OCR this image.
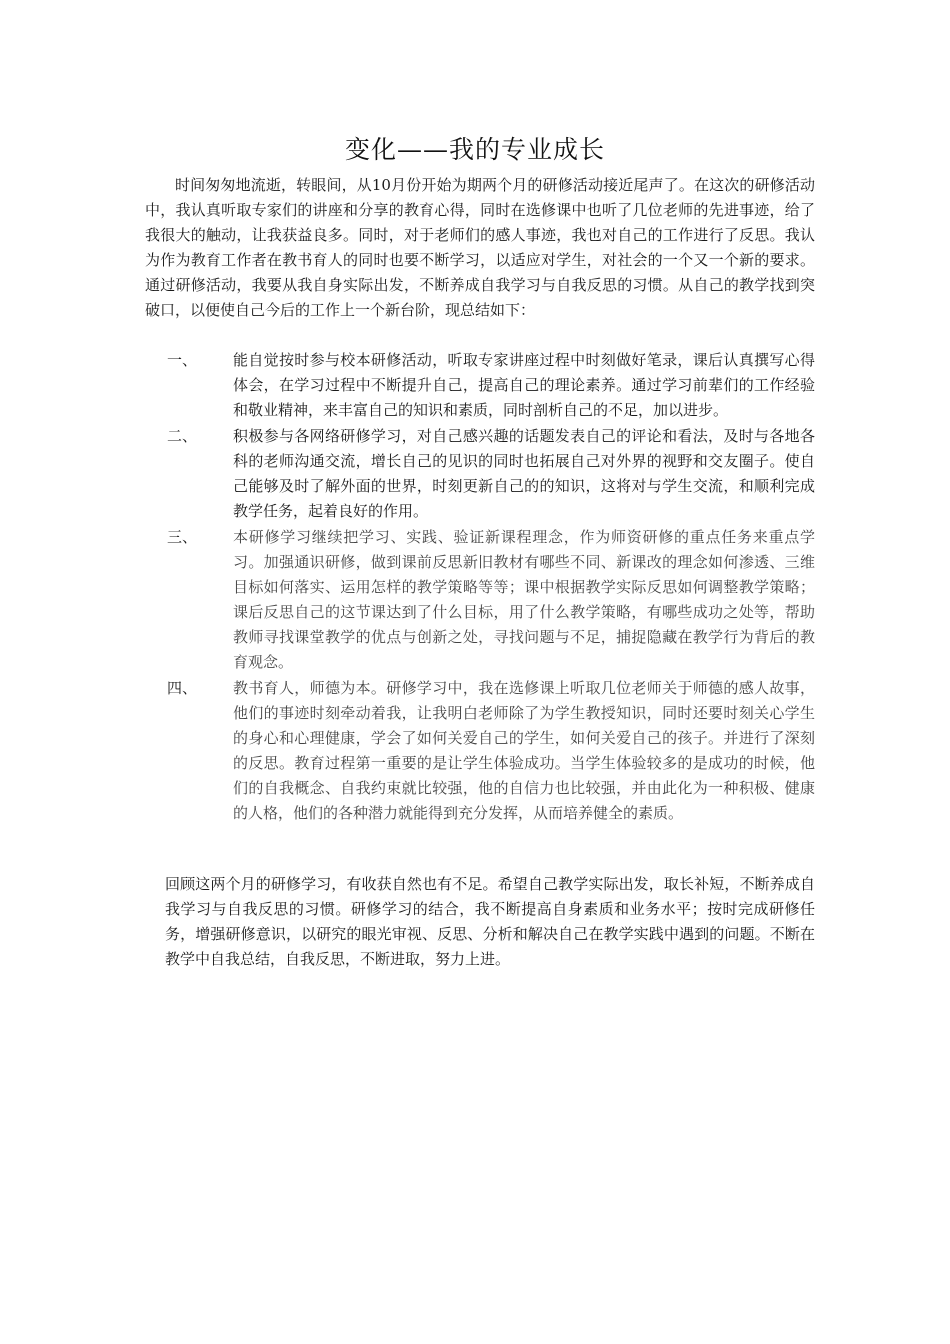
变化——我的专业成长

时间匆匆地流逝，转眼间，从10月份开始为期两个月的研修活动接近尾声了。在这次的研修活动中，我认真听取专家们的讲座和分享的教育心得，同时在选修课中也听了几位老师的先进事迹，给了我很大的触动，让我获益良多。同时，对于老师们的感人事迹，我也对自己的工作进行了反思。我认为作为教育工作者在教书育人的同时也要不断学习，以适应对学生，对社会的一个又一个新的要求。通过研修活动，我要从我自身实际出发，不断养成自我学习与自我反思的习惯。从自己的教学找到突破口，以便使自己今后的工作上一个新台阶，现总结如下：

一、	能自觉按时参与校本研修活动，听取专家讲座过程中时刻做好笔录，课后认真撰写心得体会，在学习过程中不断提升自己，提高自己的理论素养。通过学习前辈们的工作经验和敬业精神，来丰富自己的知识和素质，同时剖析自己的不足，加以进步。

二、	积极参与各网络研修学习，对自己感兴趣的话题发表自己的评论和看法，及时与各地各科的老师沟通交流，增长自己的见识的同时也拓展自己对外界的视野和交友圈子。使自己能够及时了解外面的世界，时刻更新自己的的知识，这将对与学生交流，和顺利完成教学任务，起着良好的作用。

三、	本研修学习继续把学习、实践、验证新课程理念，作为师资研修的重点任务来重点学习。加强通识研修，做到课前反思新旧教材有哪些不同、新课改的理念如何渗透、三维目标如何落实、运用怎样的教学策略等等；课中根据教学实际反思如何调整教学策略；课后反思自己的这节课达到了什么目标，用了什么教学策略，有哪些成功之处等，帮助教师寻找课堂教学的优点与创新之处，寻找问题与不足，捕捉隐藏在教学行为背后的教育观念。

四、	教书育人，师德为本。研修学习中，我在选修课上听取几位老师关于师德的感人故事，他们的事迹时刻牵动着我，让我明白老师除了为学生教授知识，同时还要时刻关心学生的身心和心理健康，学会了如何关爱自己的学生，如何关爱自己的孩子。并进行了深刻的反思。教育过程第一重要的是让学生体验成功。当学生体验较多的是成功的时候，他们的自我概念、自我约束就比较强，他的自信力也比较强，并由此化为一种积极、健康的人格，他们的各种潜力就能得到充分发挥，从而培养健全的素质。

回顾这两个月的研修学习，有收获自然也有不足。希望自己教学实际出发，取长补短，不断养成自我学习与自我反思的习惯。研修学习的结合，我不断提高自身素质和业务水平；按时完成研修任务，增强研修意识，以研究的眼光审视、反思、分析和解决自己在教学实践中遇到的问题。不断在教学中自我总结，自我反思，不断进取，努力上进。
